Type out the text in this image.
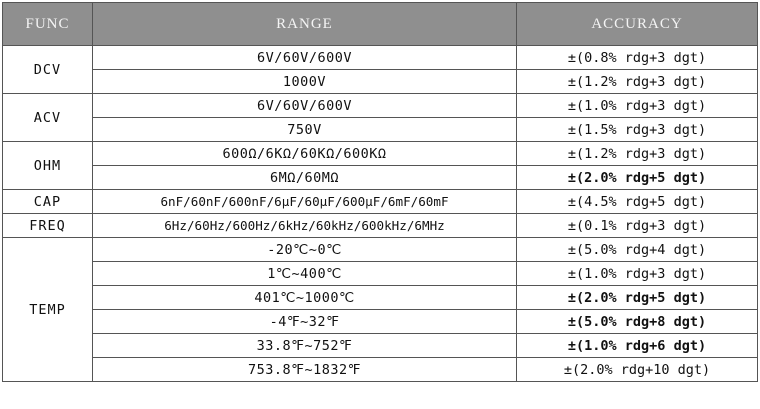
FUNC	RANGE	ACCURACY
DCV	6V/60V/600V	±(0.8% rdg+3 dgt)
	1000V	±(1.2% rdg+3 dgt)
ACV	6V/60V/600V	±(1.0% rdg+3 dgt)
	750V	±(1.5% rdg+3 dgt)
OHM	600Ω/6KΩ/60KΩ/600KΩ	±(1.2% rdg+3 dgt)
	6MΩ/60MΩ	±(2.0% rdg+5 dgt)
CAP	6nF/60nF/600nF/6μF/60μF/600μF/6mF/60mF	±(4.5% rdg+5 dgt)
FREQ	6Hz/60Hz/600Hz/6kHz/60kHz/600kHz/6MHz	±(0.1% rdg+3 dgt)
TEMP	-20℃~0℃	±(5.0% rdg+4 dgt)
	1℃~400℃	±(1.0% rdg+3 dgt)
	401℃~1000℃	±(2.0% rdg+5 dgt)
	-4℉~32℉	±(5.0% rdg+8 dgt)
	33.8℉~752℉	±(1.0% rdg+6 dgt)
	753.8℉~1832℉	±(2.0% rdg+10 dgt)
